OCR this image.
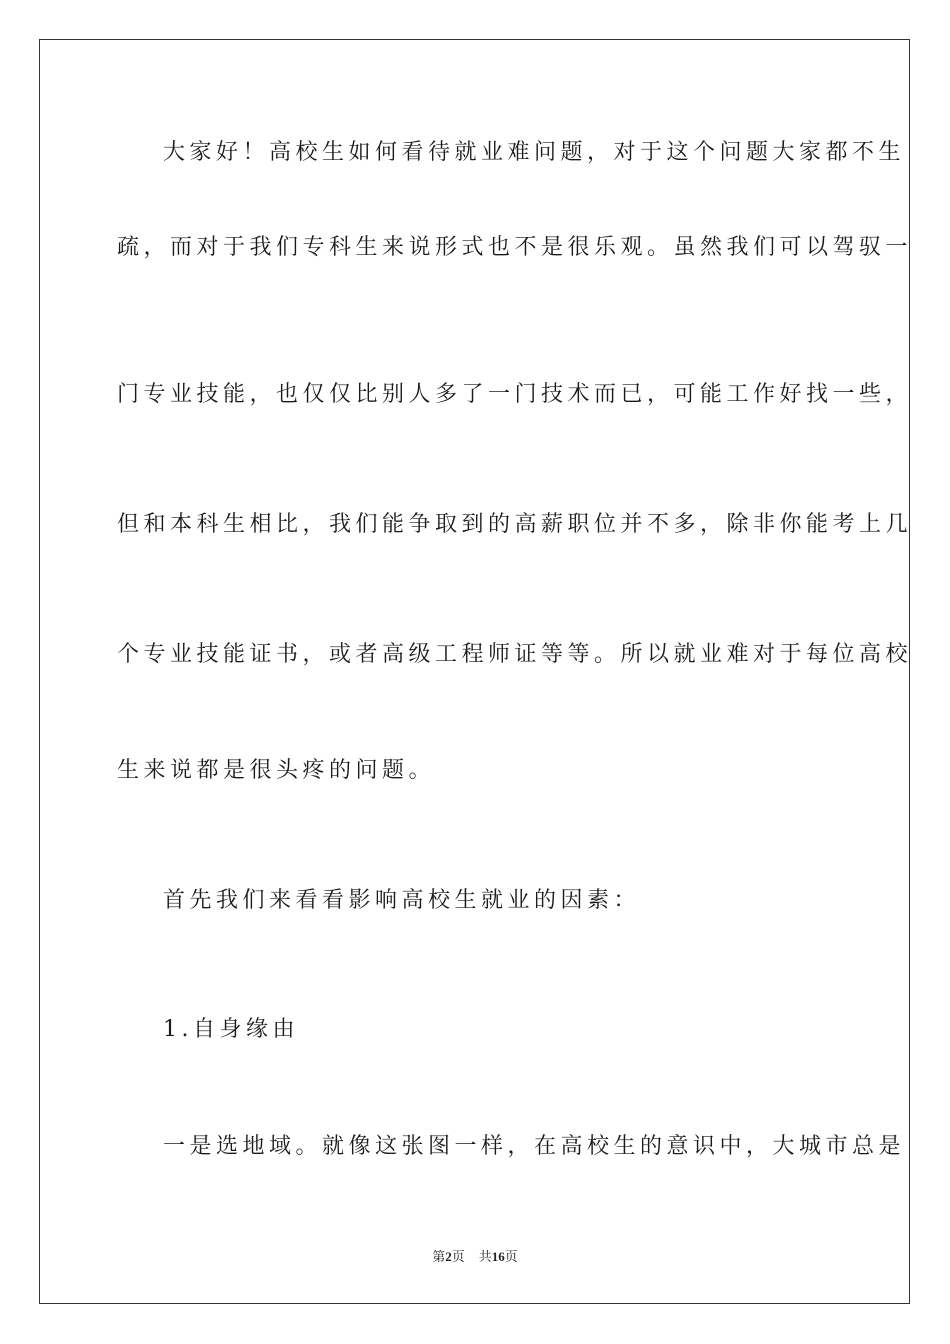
大家好！高校生如何看待就业难问题，对于这个问题大家都不生
疏，而对于我们专科生来说形式也不是很乐观。虽然我们可以驾驭一
门专业技能，也仅仅比别人多了一门技术而已，可能工作好找一些，
但和本科生相比，我们能争取到的高薪职位并不多，除非你能考上几
个专业技能证书，或者高级工程师证等等。所以就业难对于每位高校
生来说都是很头疼的问题。
首先我们来看看影响高校生就业的因素：
1.自身缘由
一是选地域。就像这张图一样，在高校生的意识中，大城市总是
第2页 共16页
